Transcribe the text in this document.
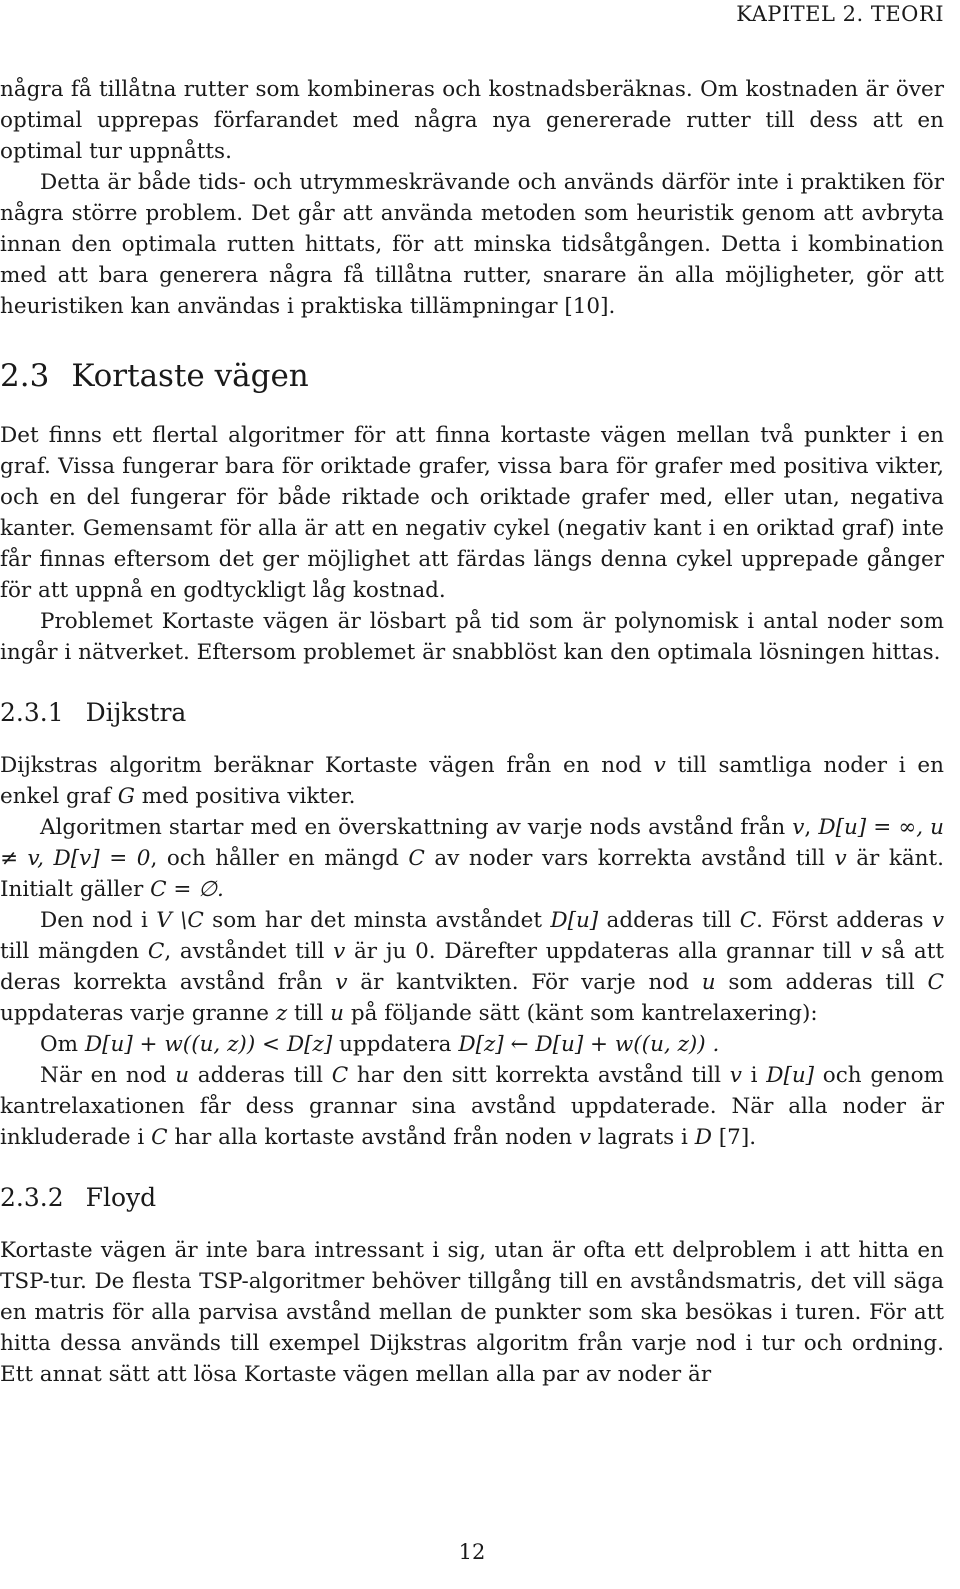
KAPITEL 2. TEORI

några få tillåtna rutter som kombineras och kostnadsberäknas. Om kostnaden är över optimal upprepas förfarandet med några nya genererade rutter till dess att en optimal tur uppnåtts.

Detta är både tids- och utrymmeskrävande och används därför inte i praktiken för några större problem. Det går att använda metoden som heuristik genom att avbryta innan den optimala rutten hittats, för att minska tidsåtgången. Detta i kombination med att bara generera några få tillåtna rutter, snarare än alla möjligheter, gör att heuristiken kan användas i praktiska tillämpningar [10].

2.3 Kortaste vägen

Det finns ett flertal algoritmer för att finna kortaste vägen mellan två punkter i en graf. Vissa fungerar bara för oriktade grafer, vissa bara för grafer med positiva vikter, och en del fungerar för både riktade och oriktade grafer med, eller utan, negativa kanter. Gemensamt för alla är att en negativ cykel (negativ kant i en oriktad graf) inte får finnas eftersom det ger möjlighet att färdas längs denna cykel upprepade gånger för att uppnå en godtyckligt låg kostnad.

Problemet Kortaste vägen är lösbart på tid som är polynomisk i antal noder som ingår i nätverket. Eftersom problemet är snabblöst kan den optimala lösningen hittas.

2.3.1 Dijkstra

Dijkstras algoritm beräknar Kortaste vägen från en nod v till samtliga noder i en enkel graf G med positiva vikter.

Algoritmen startar med en överskattning av varje nods avstånd från v, D[u] = ∞, u ≠ v, D[v] = 0, och håller en mängd C av noder vars korrekta avstånd till v är känt. Initialt gäller C = ∅.

Den nod i V \C som har det minsta avståndet D[u] adderas till C. Först adderas v till mängden C, avståndet till v är ju 0. Därefter uppdateras alla grannar till v så att deras korrekta avstånd från v är kantvikten. För varje nod u som adderas till C uppdateras varje granne z till u på följande sätt (känt som kantrelaxering):

Om D[u] + w((u, z)) < D[z] uppdatera D[z] ← D[u] + w((u, z)) .

När en nod u adderas till C har den sitt korrekta avstånd till v i D[u] och genom kantrelaxationen får dess grannar sina avstånd uppdaterade. När alla noder är inkluderade i C har alla kortaste avstånd från noden v lagrats i D [7].

2.3.2 Floyd

Kortaste vägen är inte bara intressant i sig, utan är ofta ett delproblem i att hitta en TSP-tur. De flesta TSP-algoritmer behöver tillgång till en avståndsmatris, det vill säga en matris för alla parvisa avstånd mellan de punkter som ska besökas i turen. För att hitta dessa används till exempel Dijkstras algoritm från varje nod i tur och ordning. Ett annat sätt att lösa Kortaste vägen mellan alla par av noder är

12
